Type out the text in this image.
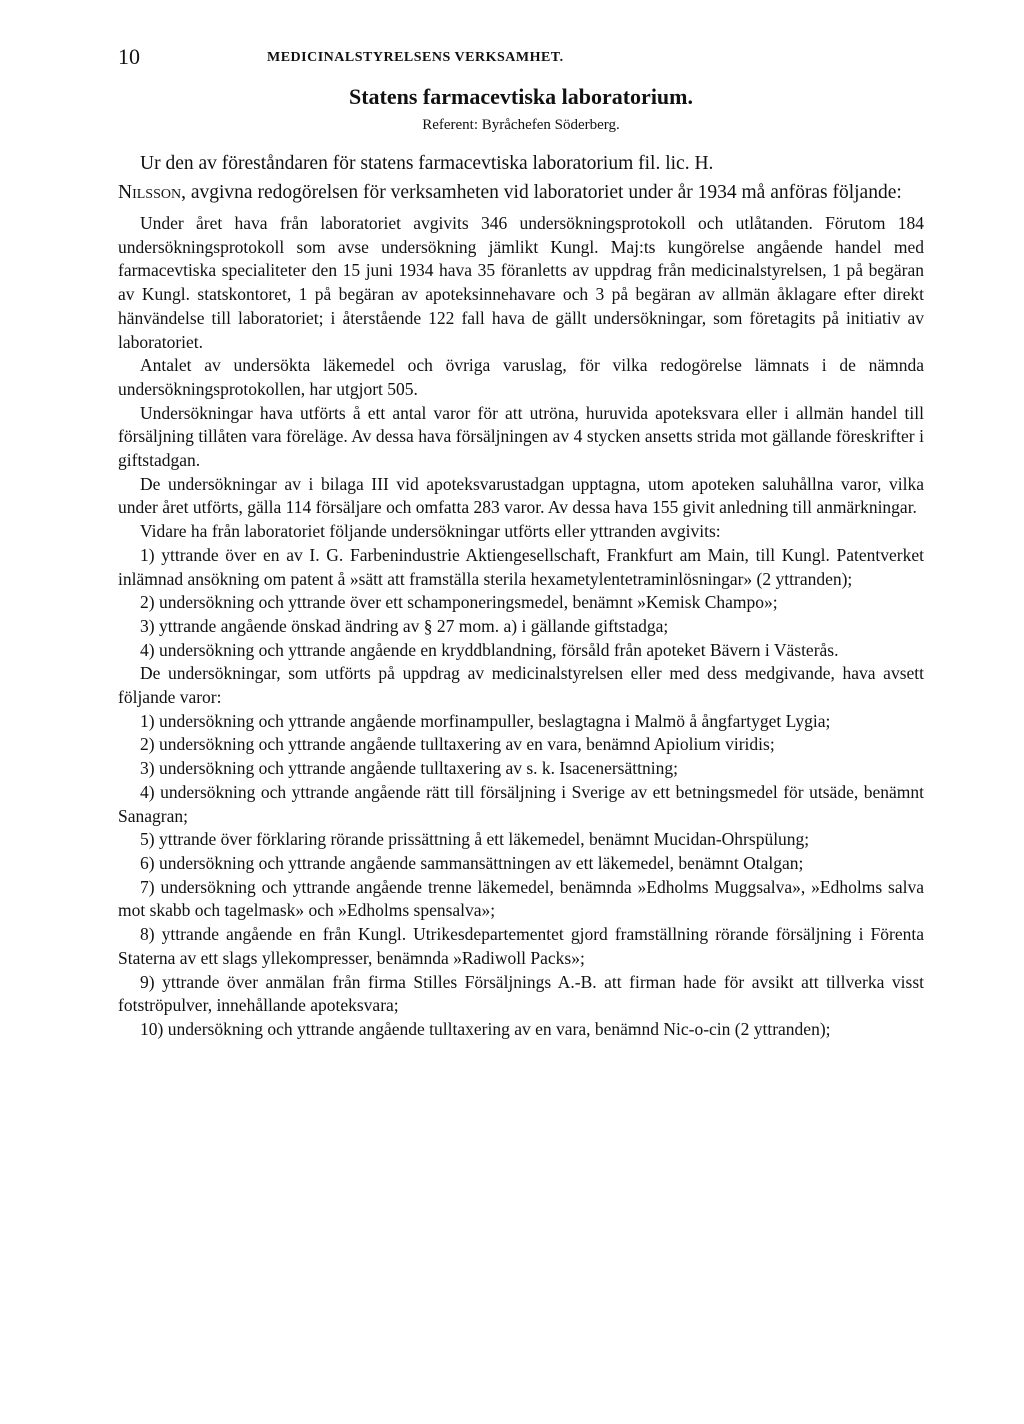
10	MEDICINALSTYRELSENS VERKSAMHET.
Statens farmacevtiska laboratorium.
Referent: Byråchefen Söderberg.

Ur den av föreståndaren för statens farmacevtiska laboratorium fil. lic. H.
Nilsson, avgivna redogörelsen för verksamheten vid laboratoriet under år 1934 må anföras följande:

Under året hava från laboratoriet avgivits 346 undersökningsprotokoll och utlåtanden. Förutom 184 undersökningsprotokoll som avse undersökning jämlikt Kungl. Maj:ts kungörelse angående handel med farmacevtiska specialiteter den 15 juni 1934 hava 35 föranletts av uppdrag från medicinalstyrelsen, 1 på begäran av Kungl. statskontoret, 1 på begäran av apoteksinnehavare och 3 på begäran av allmän åklagare efter direkt hänvändelse till laboratoriet; i återstående 122 fall hava de gällt undersökningar, som företagits på initiativ av laboratoriet.

Antalet av undersökta läkemedel och övriga varuslag, för vilka redogörelse lämnats i de nämnda undersökningsprotokollen, har utgjort 505.

Undersökningar hava utförts å ett antal varor för att utröna, huruvida apoteksvara eller i allmän handel till försäljning tillåten vara föreläge. Av dessa hava försäljningen av 4 stycken ansetts strida mot gällande föreskrifter i giftstadgan.

De undersökningar av i bilaga III vid apoteksvarustadgan upptagna, utom apoteken saluhållna varor, vilka under året utförts, gälla 114 försäljare och omfatta 283 varor. Av dessa hava 155 givit anledning till anmärkningar.

Vidare ha från laboratoriet följande undersökningar utförts eller yttranden avgivits:

1) yttrande över en av I. G. Farbenindustrie Aktiengesellschaft, Frankfurt am Main, till Kungl. Patentverket inlämnad ansökning om patent å »sätt att framställa sterila hexametylentetraminlösningar» (2 yttranden);

2) undersökning och yttrande över ett schamponeringsmedel, benämnt »Kemisk Champo»;

3) yttrande angående önskad ändring av § 27 mom. a) i gällande giftstadga;

4) undersökning och yttrande angående en kryddblandning, försåld från apoteket Bävern i Västerås.

De undersökningar, som utförts på uppdrag av medicinalstyrelsen eller med dess medgivande, hava avsett följande varor:

1) undersökning och yttrande angående morfinampuller, beslagtagna i Malmö å ångfartyget Lygia;

2) undersökning och yttrande angående tulltaxering av en vara, benämnd Apiolium viridis;

3) undersökning och yttrande angående tulltaxering av s. k. Isacenersättning;

4) undersökning och yttrande angående rätt till försäljning i Sverige av ett betningsmedel för utsäde, benämnt Sanagran;

5) yttrande över förklaring rörande prissättning å ett läkemedel, benämnt Mucidan-Ohrspülung;

6) undersökning och yttrande angående sammansättningen av ett läkemedel, benämnt Otalgan;

7) undersökning och yttrande angående trenne läkemedel, benämnda »Edholms Muggsalva», »Edholms salva mot skabb och tagelmask» och »Edholms spensalva»;

8) yttrande angående en från Kungl. Utrikesdepartementet gjord framställning rörande försäljning i Förenta Staterna av ett slags yllekompresser, benämnda »Radiwoll Packs»;

9) yttrande över anmälan från firma Stilles Försäljnings A.-B. att firman hade för avsikt att tillverka visst fotströpulver, innehållande apoteksvara;

10) undersökning och yttrande angående tulltaxering av en vara, benämnd Nic-o-cin (2 yttranden);
